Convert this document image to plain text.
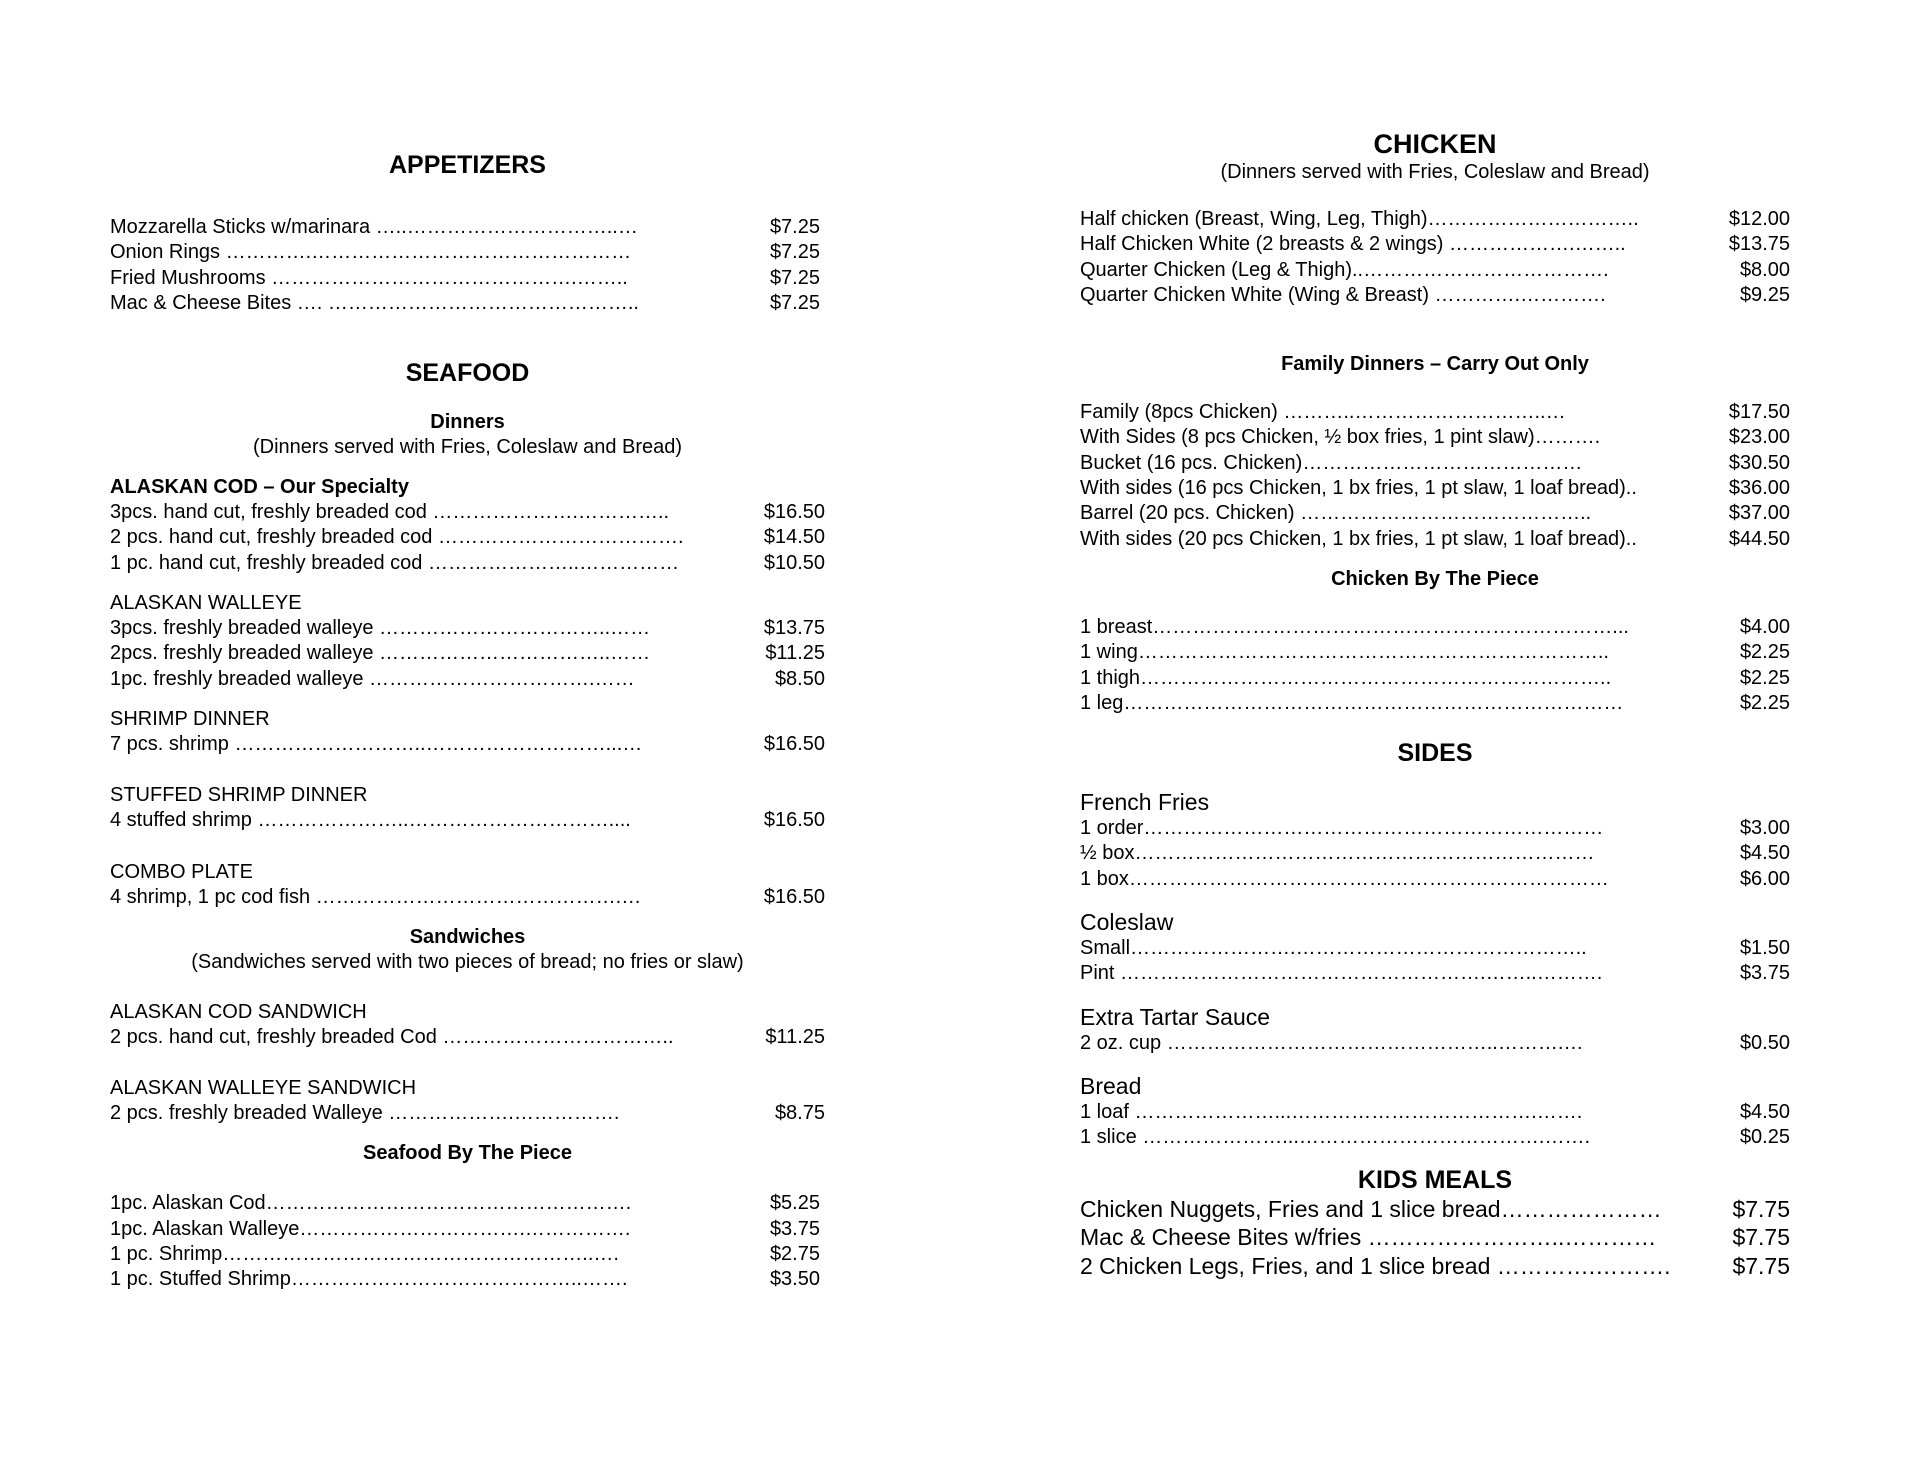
APPETIZERS
Mozzarella Sticks w/marinara …..…………………………..…	$7.25
Onion Rings ………….…………………………………………	$7.25
Fried Mushrooms ……………………………………….……..	$7.25
Mac & Cheese Bites …. ………………………………………..	$7.25
SEAFOOD
Dinners
(Dinners served with Fries, Coleslaw and Bread)
ALASKAN COD – Our Specialty
3pcs. hand cut, freshly breaded cod ………………….…………..	$16.50
2 pcs. hand cut, freshly breaded cod ……………………………….	$14.50
1 pc. hand cut, freshly breaded cod …………………..……………	$10.50
ALASKAN WALLEYE
3pcs. freshly breaded walleye ……………………………..……	$13.75
2pcs. freshly breaded walleye ……………………………..……	$11.25
1pc. freshly breaded walleye …………………………….……	$8.50
SHRIMP DINNER
7 pcs. shrimp ………………………..………………………...…	$16.50
STUFFED SHRIMP DINNER
4 stuffed shrimp …………………..…………………………....	$16.50
COMBO PLATE
4 shrimp, 1 pc cod fish ……………………………………….…	$16.50
Sandwiches
(Sandwiches served with two pieces of bread; no fries or slaw)
ALASKAN COD SANDWICH
2 pcs. hand cut, freshly breaded Cod ……………………………..	$11.25
ALASKAN WALLEYE SANDWICH
2 pcs. freshly breaded Walleye ……………….…………….	$8.75
Seafood By The Piece
1pc. Alaskan Cod……………………………………………….	$5.25
1pc. Alaskan Walleye…………………………….…………….	$3.75
1 pc. Shrimp………………………………………………..….	$2.75
1 pc. Stuffed Shrimp……………………………………..…….	$3.50
CHICKEN
(Dinners served with Fries, Coleslaw and Bread)
Half chicken (Breast, Wing, Leg, Thigh)…………………………..	$12.00
Half Chicken White (2 breasts & 2 wings) ……………….……..	$13.75
Quarter Chicken (Leg & Thigh)..……………………………….	$8.00
Quarter Chicken White (Wing & Breast) ………….………….	$9.25
Family Dinners – Carry Out Only
Family (8pcs Chicken) ………..………………………..…	$17.50
With Sides (8 pcs Chicken, ½ box fries, 1 pint slaw)……….	$23.00
Bucket (16 pcs. Chicken)……………………………………	$30.50
With sides (16 pcs Chicken, 1 bx fries, 1 pt slaw, 1 loaf bread)..	$36.00
Barrel (20 pcs. Chicken) ……………………………………..	$37.00
With sides (20 pcs Chicken, 1 bx fries, 1 pt slaw, 1 loaf bread)..	$44.50
Chicken By The Piece
1 breast……………………………………………………………...	$4.00
1 wing……………………………………………………………..	$2.25
1 thigh……………………………………………………………..	$2.25
1 leg…………………………………………………………………	$2.25
SIDES
French Fries
1 order……………………………………………………………	$3.00
½ box……………………………………………………………	$4.50
1 box………………………………………………………………	$6.00
Coleslaw
Small…………………….……………………………………..	$1.50
Pint ……………………………………………….……..……….	$3.75
Extra Tartar Sauce
2 oz. cup …………………………………………..……….…	$0.50
Bread
1 loaf …………………...……………………………….…….	$4.50
1 slice …………………...……………………………….…….	$0.25
KIDS MEALS
Chicken Nuggets, Fries and 1 slice bread…………………	$7.75
Mac & Cheese Bites w/fries ……………………..…………	$7.75
2 Chicken Legs, Fries, and 1 slice bread ………….……….	$7.75
